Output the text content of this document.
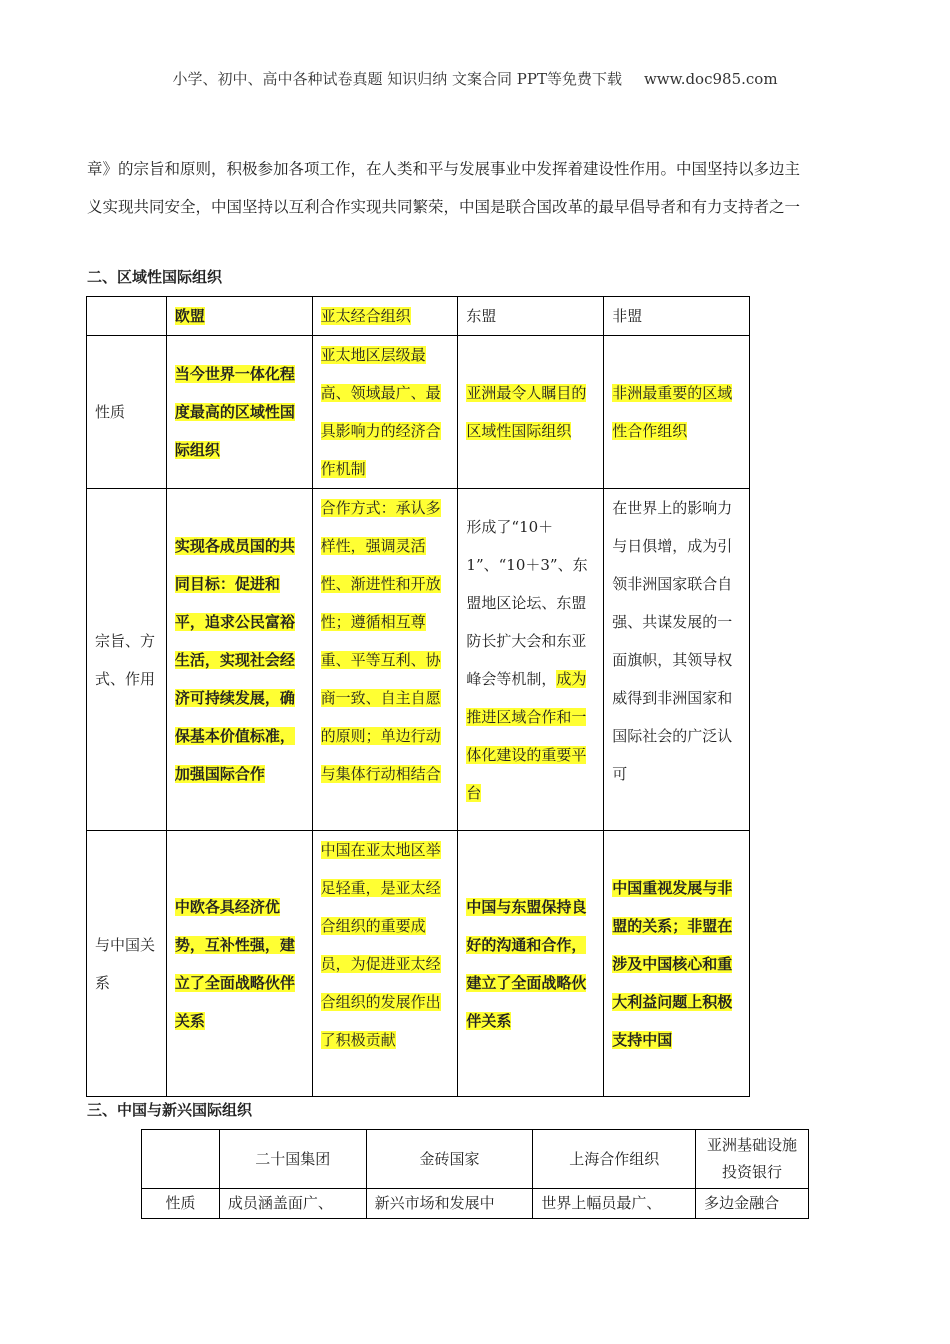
小学、初中、高中各种试卷真题 知识归纳 文案合同 PPT等免费下载 www.doc985.com
章》的宗旨和原则，积极参加各项工作，在人类和平与发展事业中发挥着建设性作用。中国坚持以多边主
义实现共同安全，中国坚持以互利合作实现共同繁荣，中国是联合国改革的最早倡导者和有力支持者之一
二、区域性国际组织
	欧盟	亚太经合组织	东盟	非盟
性质	当今世界一体化程度最高的区域性国际组织	亚太地区层级最高、领域最广、最具影响力的经济合作机制	亚洲最令人瞩目的区域性国际组织	非洲最重要的区域性合作组织
宗旨、方式、作用	实现各成员国的共同目标：促进和平，追求公民富裕生活，实现社会经济可持续发展，确保基本价值标准，加强国际合作	合作方式：承认多样性，强调灵活性、渐进性和开放性；遵循相互尊重、平等互利、协商一致、自主自愿的原则；单边行动与集体行动相结合	形成了“10＋1”、“10＋3”、东盟地区论坛、东盟防长扩大会和东亚峰会等机制，成为推进区域合作和一体化建设的重要平台	在世界上的影响力与日俱增，成为引领非洲国家联合自强、共谋发展的一面旗帜，其领导权威得到非洲国家和国际社会的广泛认可
与中国关系	中欧各具经济优势，互补性强，建立了全面战略伙伴关系	中国在亚太地区举足轻重，是亚太经合组织的重要成员，为促进亚太经合组织的发展作出了积极贡献	中国与东盟保持良好的沟通和合作，建立了全面战略伙伴关系	中国重视发展与非盟的关系；非盟在涉及中国核心和重大利益问题上积极支持中国
三、中国与新兴国际组织
	二十国集团	金砖国家	上海合作组织	亚洲基础设施投资银行
性质	成员涵盖面广、	新兴市场和发展中	世界上幅员最广、	多边金融合
